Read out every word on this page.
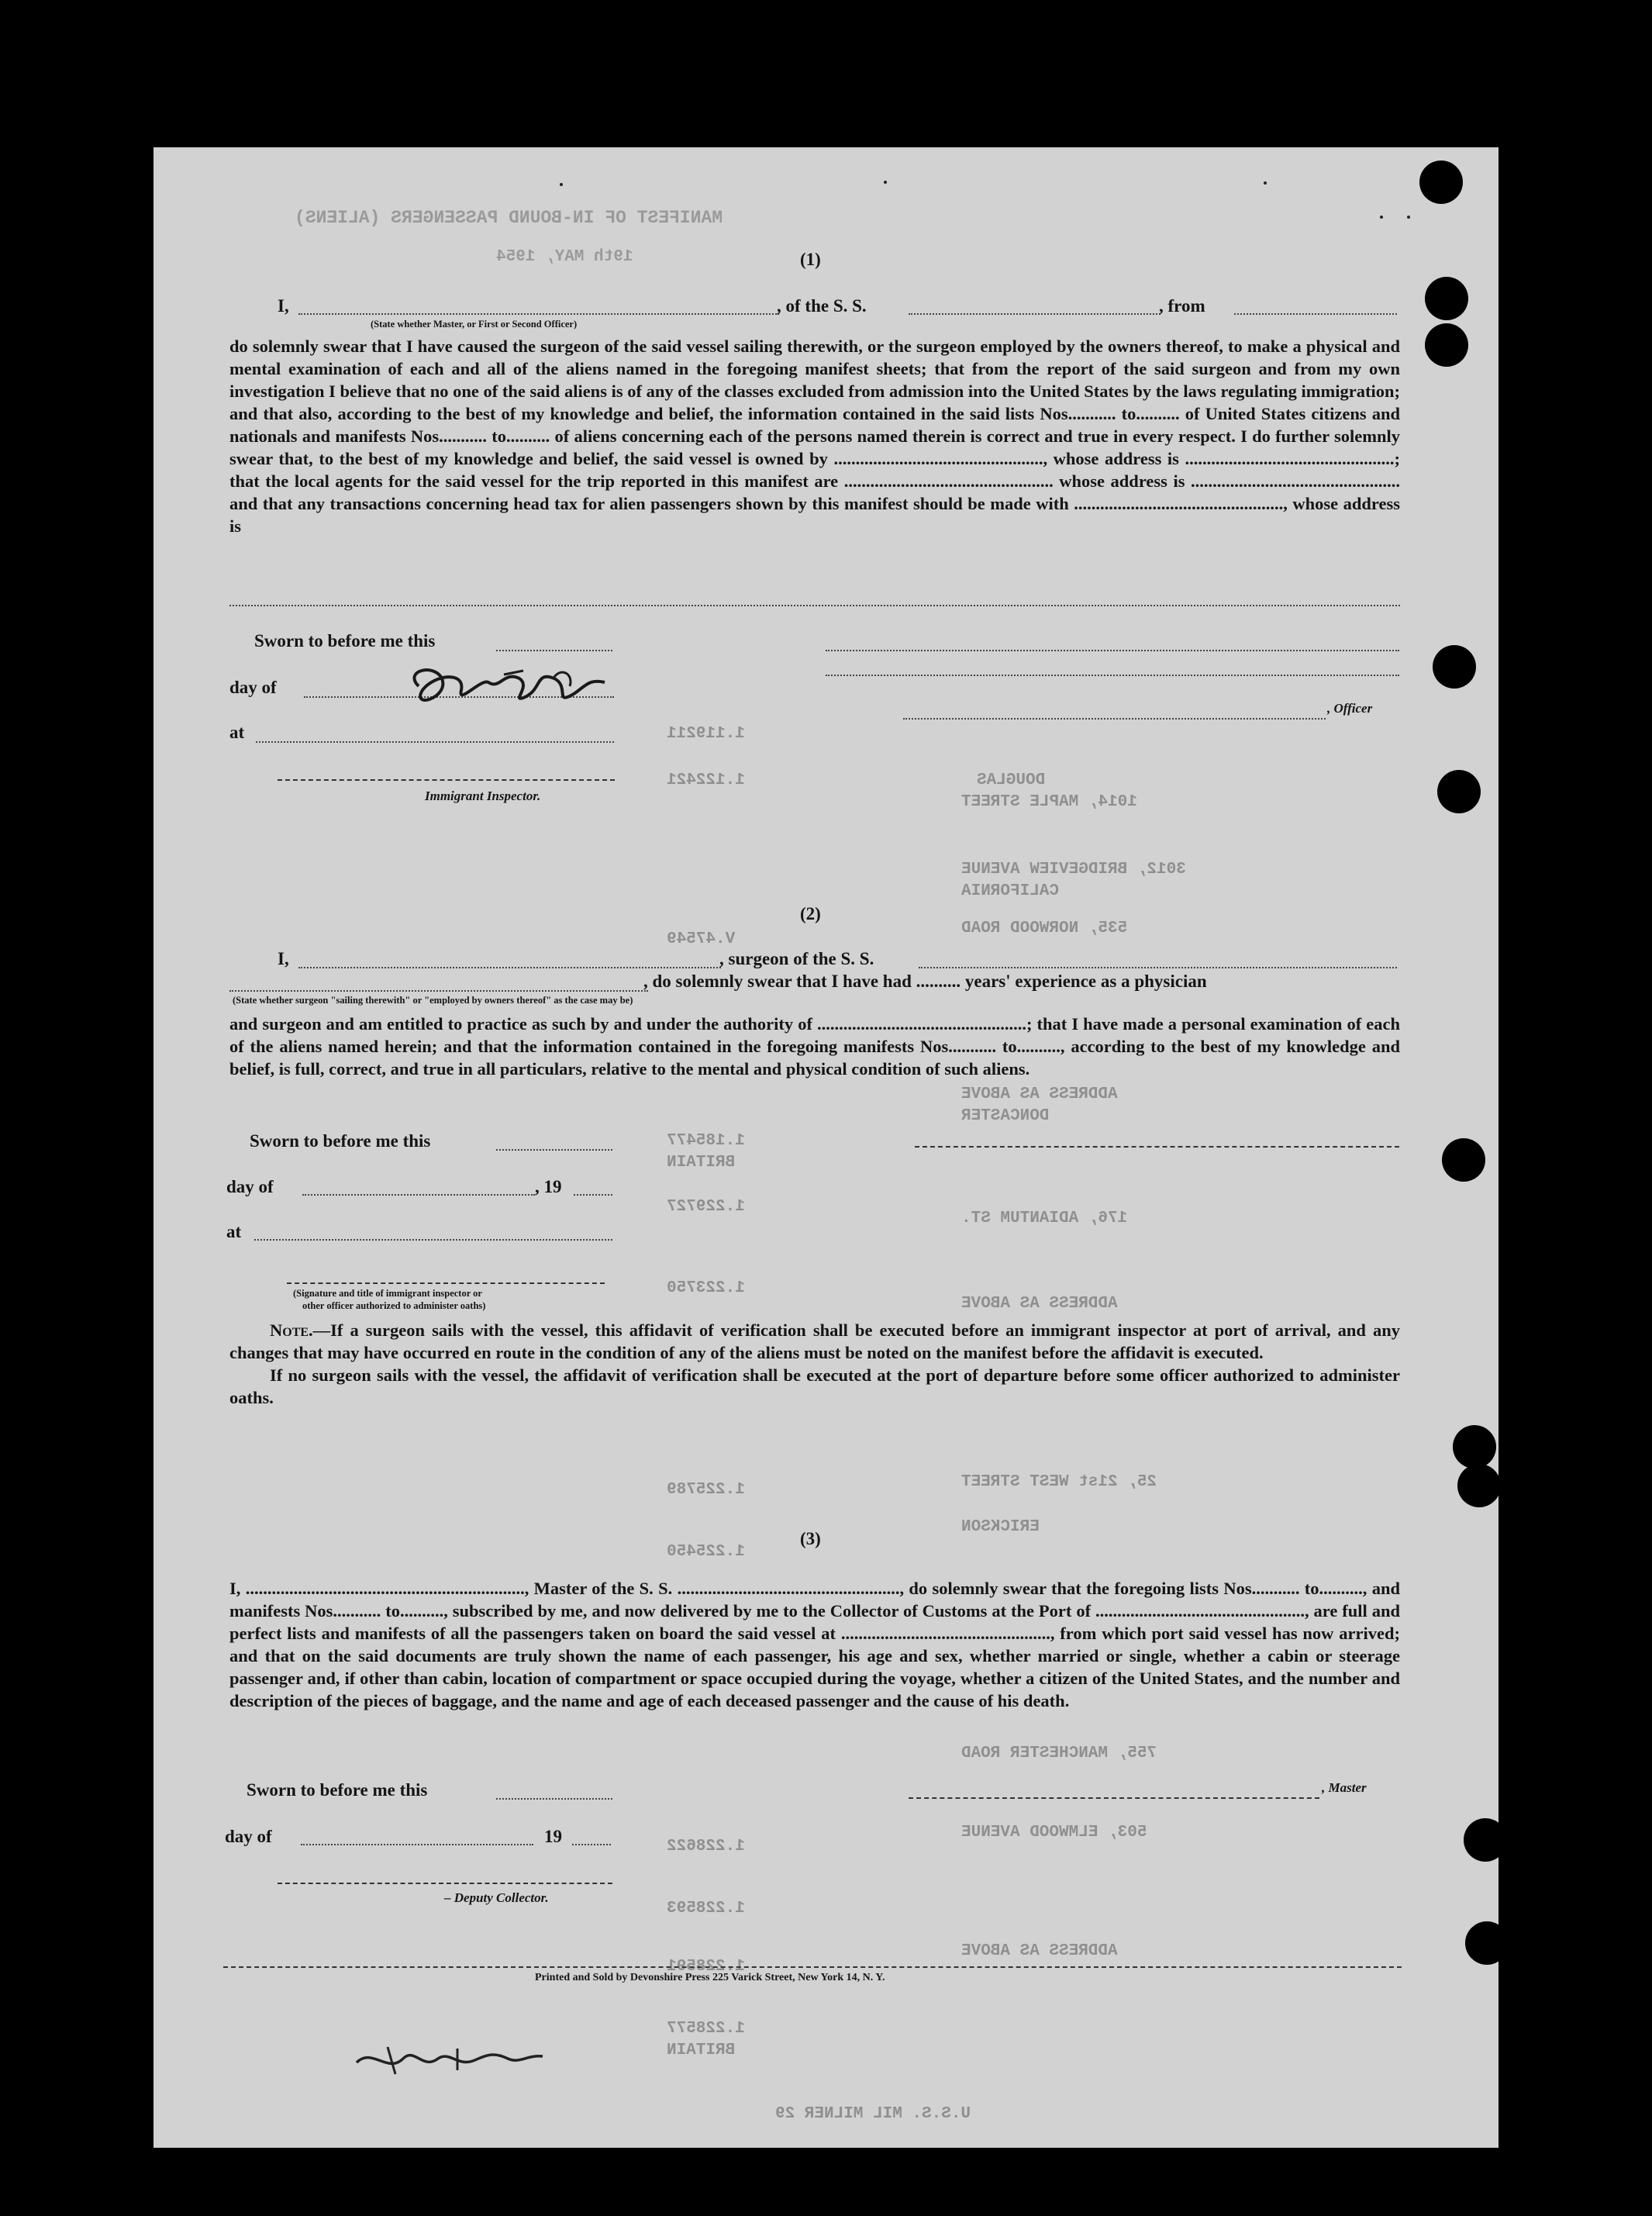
MANIFEST OF IN-BOUND PASSENGERS (ALIENS)
19th MAY, 1954
1.119211
1.122421	DOUGLAS
1014, MAPLE STREET
3012, BRIDGEVIEW AVENUE
CALIFORNIA
535, NORWOOD ROAD
V.47549
ADDRESS AS ABOVE
DONCASTER
1.185477
BRITAIN
1.229727
176, ADIANTUM ST.
1.223750
ADDRESS AS ABOVE
1.225789
1.225450
25, 21st WEST STREET
ERICKSON
755, MANCHESTER ROAD
1.228622
503, ELMWOOD AVENUE
1.228593
1.228591
ADDRESS AS ABOVE
1.228577
BRITAIN
U.S.S. MIL MILNER 29
(1)
I,	, of the S. S.	, from
(State whether Master, or First or Second Officer)

do solemnly swear that I have caused the surgeon of the said vessel sailing therewith, or the surgeon employed by the owners thereof, to make a physical and mental examination of each and all of the aliens named in the foregoing manifest sheets; that from the report of the said surgeon and from my own investigation I believe that no one of the said aliens is of any of the classes excluded from admission into the United States by the laws regulating immigration; and that also, according to the best of my knowledge and belief, the information contained in the said lists Nos........... to.......... of United States citizens and nationals and manifests Nos........... to.......... of aliens concerning each of the persons named therein is correct and true in every respect. I do further solemnly swear that, to the best of my knowledge and belief, the said vessel is owned by ................................................, whose address is ................................................; that the local agents for the said vessel for the trip reported in this manifest are ................................................ whose address is ................................................ and that any transactions concerning head tax for alien passengers shown by this manifest should be made with ................................................, whose address is

Sworn to before me this
day of
at
Immigrant Inspector.
, Officer
(2)
I,	, surgeon of the S. S.
, do solemnly swear that I have had .......... years' experience as a physician
(State whether surgeon "sailing therewith" or "employed by owners thereof" as the case may be)

and surgeon and am entitled to practice as such by and under the authority of ................................................; that I have made a personal examination of each of the aliens named herein; and that the information contained in the foregoing manifests Nos........... to.........., according to the best of my knowledge and belief, is full, correct, and true in all particulars, relative to the mental and physical condition of such aliens.

Sworn to before me this
day of	, 19
at
(Signature and title of immigrant inspector or
other officer authorized to administer oaths)

Note.—If a surgeon sails with the vessel, this affidavit of verification shall be executed before an immigrant inspector at port of arrival, and any changes that may have occurred en route in the condition of any of the aliens must be noted on the manifest before the affidavit is executed.

If no surgeon sails with the vessel, the affidavit of verification shall be executed at the port of departure before some officer authorized to administer oaths.

(3)

I, ................................................................, Master of the S. S. ..................................................., do solemnly swear that the foregoing lists Nos........... to.........., and manifests Nos........... to.........., subscribed by me, and now delivered by me to the Collector of Customs at the Port of ................................................, are full and perfect lists and manifests of all the passengers taken on board the said vessel at ................................................, from which port said vessel has now arrived; and that on the said documents are truly shown the name of each passenger, his age and sex, whether married or single, whether a cabin or steerage passenger and, if other than cabin, location of compartment or space occupied during the voyage, whether a citizen of the United States, and the number and description of the pieces of baggage, and the name and age of each deceased passenger and the cause of his death.

Sworn to before me this
day of	19
– Deputy Collector.
, Master
Printed and Sold by Devonshire Press 225 Varick Street, New York 14, N. Y.
